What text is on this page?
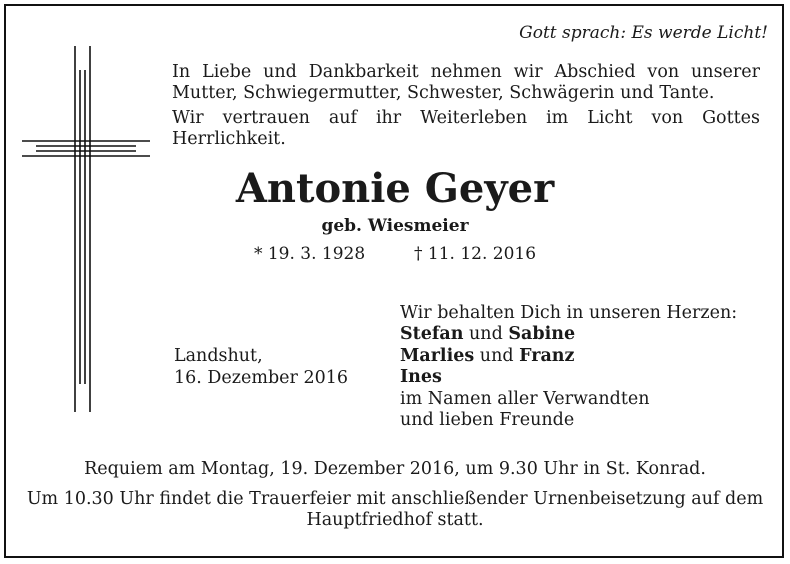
Gott sprach: Es werde Licht!

In Liebe und Dankbarkeit nehmen wir Abschied von unserer Mutter, Schwiegermutter, Schwester, Schwägerin und Tante.

Wir vertrauen auf ihr Weiterleben im Licht von Gottes Herrlichkeit.

Antonie Geyer
geb. Wiesmeier
* 19. 3. 1928	† 11. 12. 2016
Wir behalten Dich in unseren Herzen:
Stefan und Sabine
Marlies und Franz
Ines
im Namen aller Verwandten
und lieben Freunde
Landshut,
16. Dezember 2016
Requiem am Montag, 19. Dezember 2016, um 9.30 Uhr in St. Konrad.
Um 10.30 Uhr findet die Trauerfeier mit anschließender Urnenbeisetzung auf dem Hauptfriedhof statt.
